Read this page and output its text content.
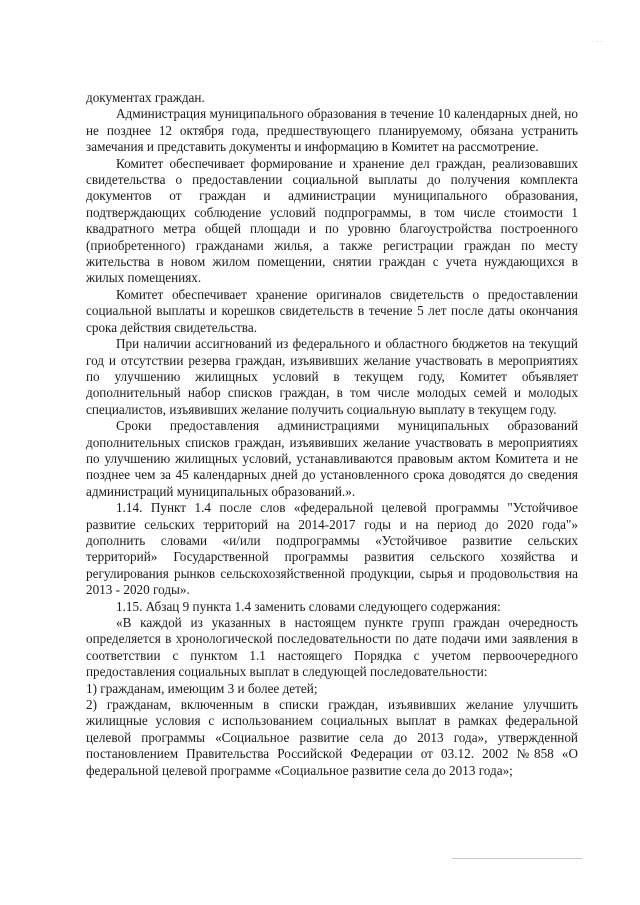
· · ·

документах граждан.

Администрация муниципального образования в течение 10 календарных дней, но не позднее 12 октября года, предшествующего планируемому, обязана устранить замечания и представить документы и информацию в Комитет на рассмотрение.

Комитет обеспечивает формирование и хранение дел граждан, реализовавших свидетельства о предоставлении социальной выплаты до получения комплекта документов от граждан и администрации муниципального образования, подтверждающих соблюдение условий подпрограммы, в том числе стоимости 1 квадратного метра общей площади и по уровню благоустройства построенного (приобретенного) гражданами жилья, а также регистрации граждан по месту жительства в новом жилом помещении, снятии граждан с учета нуждающихся в жилых помещениях.

Комитет обеспечивает хранение оригиналов свидетельств о предоставлении социальной выплаты и корешков свидетельств в течение 5 лет после даты окончания срока действия свидетельства.

При наличии ассигнований из федерального и областного бюджетов на текущий год и отсутствии резерва граждан, изъявивших желание участвовать в мероприятиях по улучшению жилищных условий в текущем году, Комитет объявляет дополнительный набор списков граждан, в том числе молодых семей и молодых специалистов, изъявивших желание получить социальную выплату в текущем году.

Сроки предоставления администрациями муниципальных образований дополнительных списков граждан, изъявивших желание участвовать в мероприятиях по улучшению жилищных условий, устанавливаются правовым актом Комитета и не позднее чем за 45 календарных дней до установленного срока доводятся до сведения администраций муниципальных образований.».

1.14. Пункт 1.4 после слов «федеральной целевой программы "Устойчивое развитие сельских территорий на 2014-2017 годы и на период до 2020 года"» дополнить словами «и/или подпрограммы «Устойчивое развитие сельских территорий» Государственной программы развития сельского хозяйства и регулирования рынков сельскохозяйственной продукции, сырья и продовольствия на 2013 - 2020 годы».

1.15. Абзац 9 пункта 1.4 заменить словами следующего содержания:

«В каждой из указанных в настоящем пункте групп граждан очередность определяется в хронологической последовательности по дате подачи ими заявления в соответствии с пунктом 1.1 настоящего Порядка с учетом первоочередного предоставления социальных выплат в следующей последовательности:

1) гражданам, имеющим 3 и более детей;

2) гражданам, включенным в списки граждан, изъявивших желание улучшить жилищные условия с использованием социальных выплат в рамках федеральной целевой программы «Социальное развитие села до 2013 года», утвержденной постановлением Правительства Российской Федерации от 03.12. 2002 №858 «О федеральной целевой программе «Социальное развитие села до 2013 года»;
